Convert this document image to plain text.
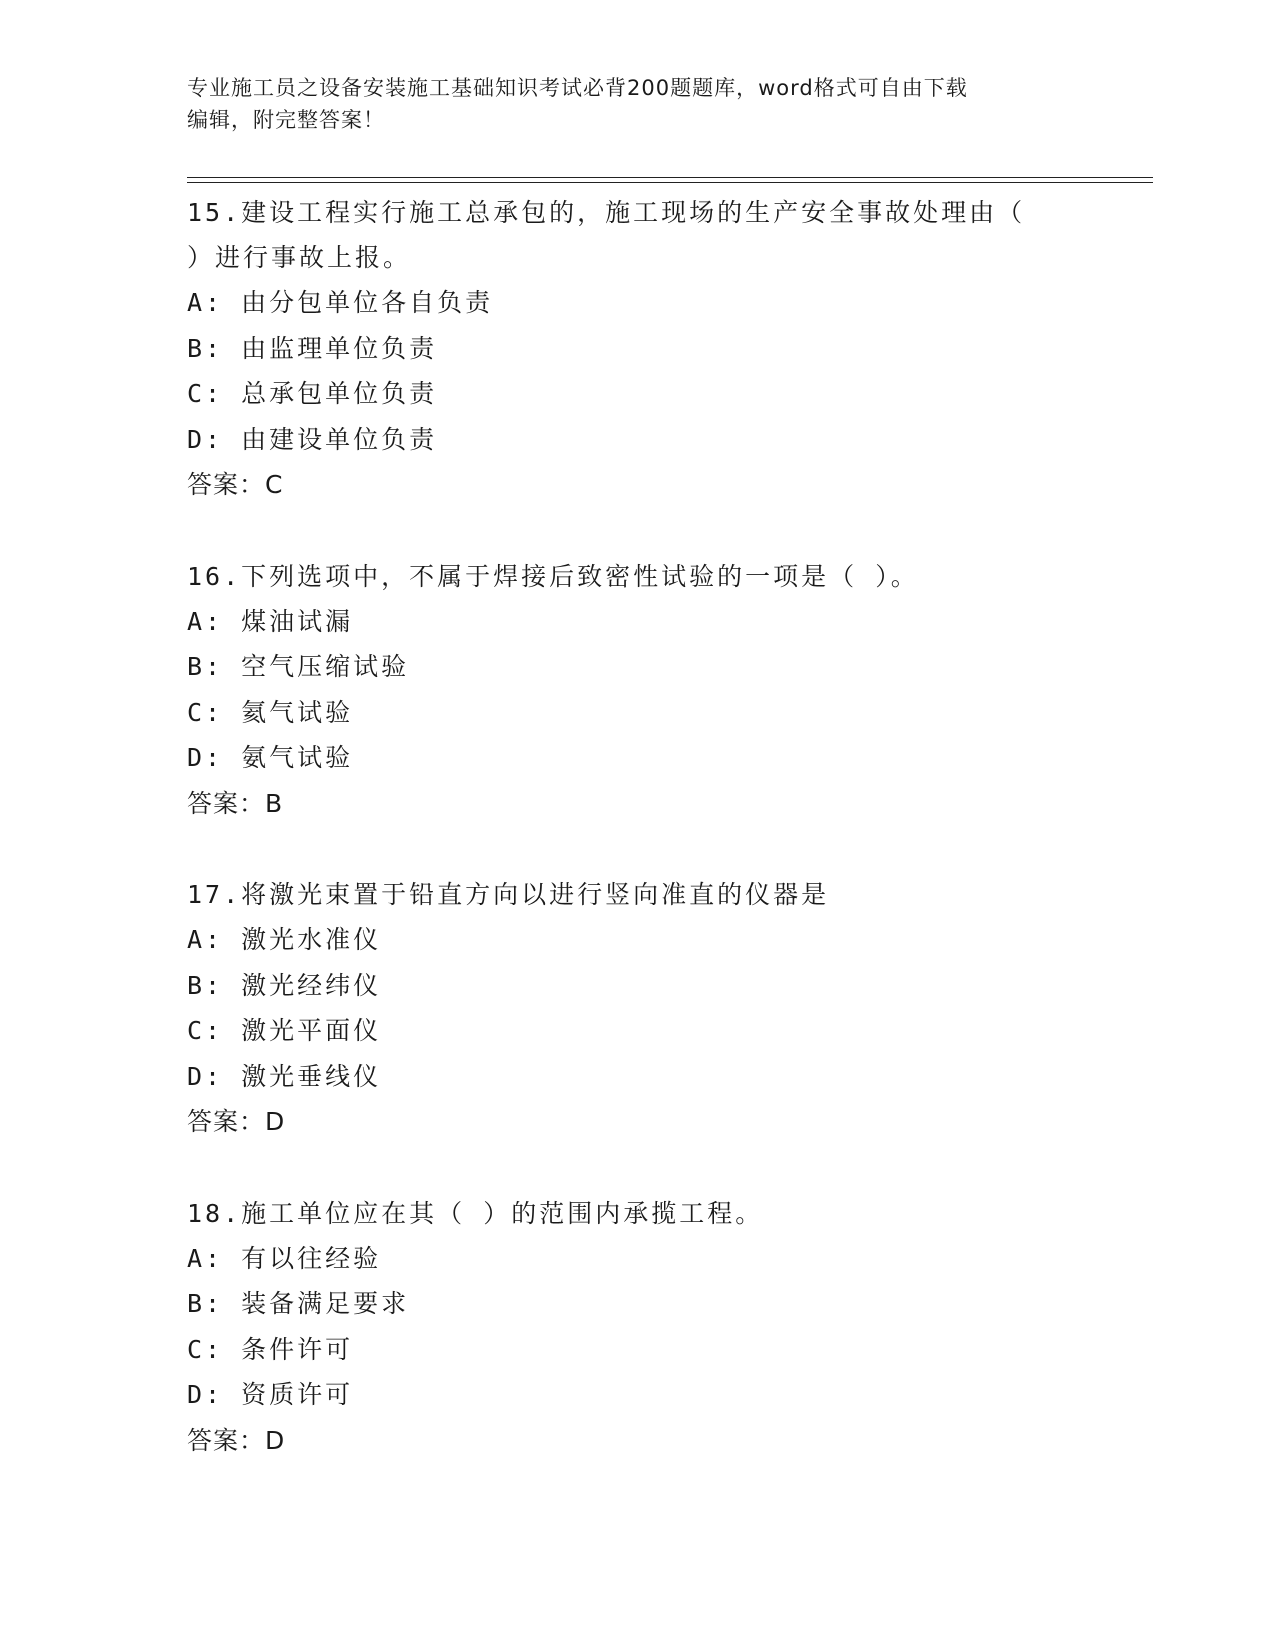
专业施工员之设备安装施工基础知识考试必背200题题库，word格式可自由下载
编辑，附完整答案！
15.建设工程实行施工总承包的，施工现场的生产安全事故处理由（
）进行事故上报。
A: 由分包单位各自负责
B: 由监理单位负责
C: 总承包单位负责
D: 由建设单位负责
答案：C
16.下列选项中，不属于焊接后致密性试验的一项是（ ）。
A: 煤油试漏
B: 空气压缩试验
C: 氦气试验
D: 氨气试验
答案：B
17.将激光束置于铅直方向以进行竖向准直的仪器是
A: 激光水准仪
B: 激光经纬仪
C: 激光平面仪
D: 激光垂线仪
答案：D
18.施工单位应在其（ ）的范围内承揽工程。
A: 有以往经验
B: 装备满足要求
C: 条件许可
D: 资质许可
答案：D
